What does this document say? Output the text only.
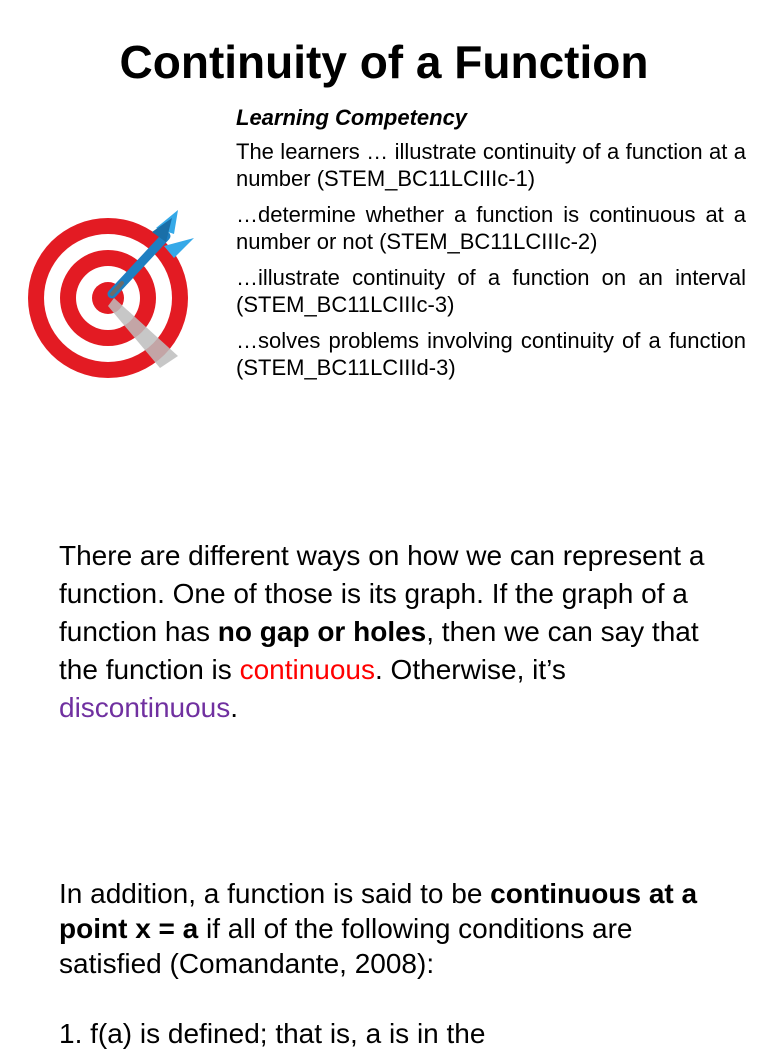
Continuity of a Function

Learning Competency

The learners … illustrate continuity of a function at a number (STEM_BC11LCIIIc-1)

…determine whether a function is continuous at a number or not (STEM_BC11LCIIIc-2)

…illustrate continuity of a function on an interval (STEM_BC11LCIIIc-3)

…solves problems involving continuity of a function (STEM_BC11LCIIId-3)

There are different ways on how we can represent a function. One of those is its graph. If the graph of a function has no gap or holes, then we can say that the function is continuous. Otherwise, it’s discontinuous.

In addition, a function is said to be continuous at a point x = a if all of the following conditions are satisfied (Comandante, 2008):

1. f(a) is defined; that is, a is in the
